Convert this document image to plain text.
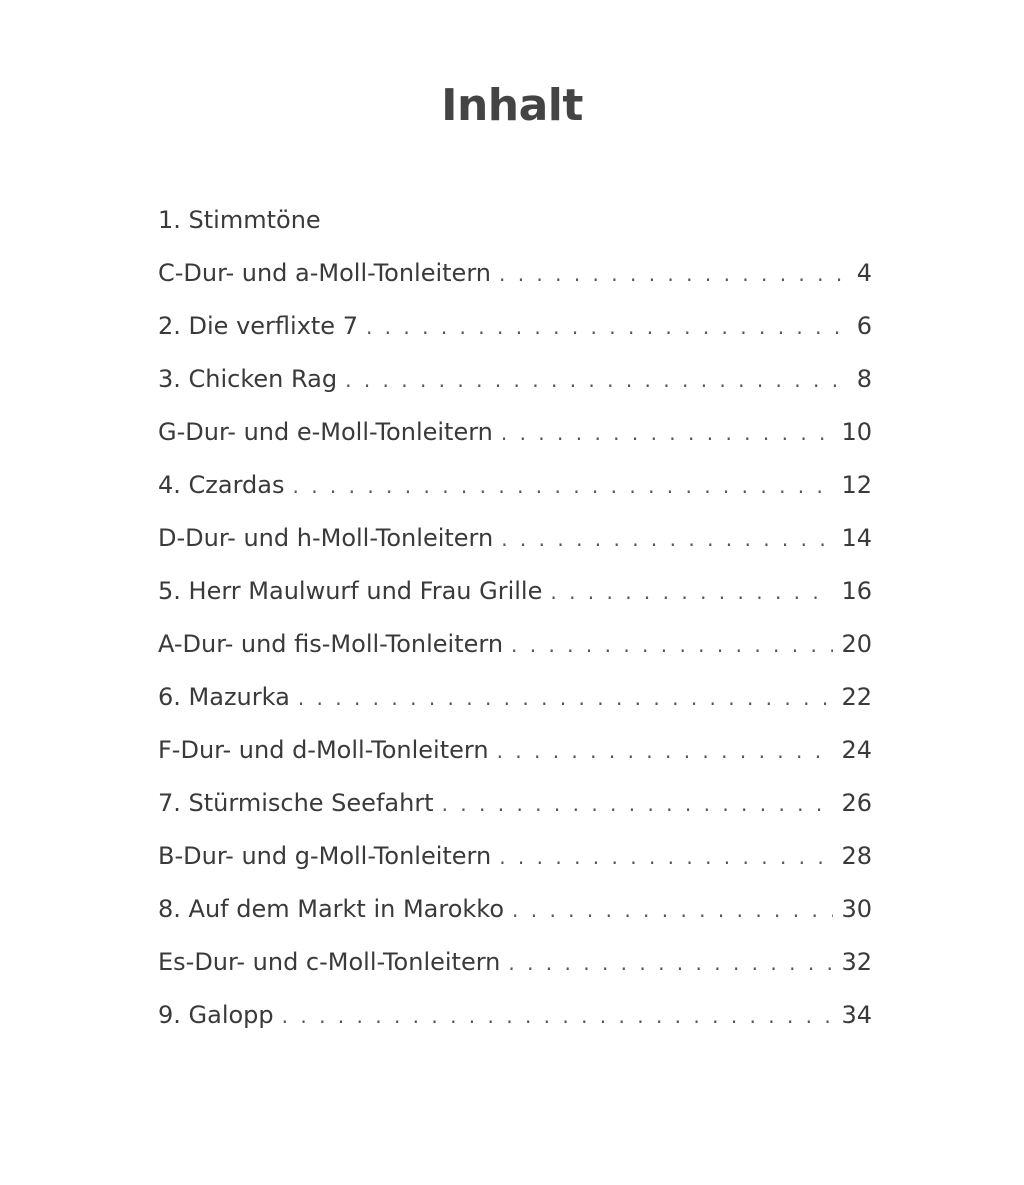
Inhalt
1. Stimmtöne
C-Dur- und a-Moll-Tonleitern . . .	4
2. Die verflixte 7 . . .	6
3. Chicken Rag . . .	8
G-Dur- und e-Moll-Tonleitern . . .	10
4. Czardas . . .	12
D-Dur- und h-Moll-Tonleitern . . .	14
5. Herr Maulwurf und Frau Grille . . .	16
A-Dur- und fis-Moll-Tonleitern . . .	20
6. Mazurka . . .	22
F-Dur- und d-Moll-Tonleitern . . .	24
7. Stürmische Seefahrt . . .	26
B-Dur- und g-Moll-Tonleitern . . .	28
8. Auf dem Markt in Marokko . . .	30
Es-Dur- und c-Moll-Tonleitern . . .	32
9. Galopp . . .	34
